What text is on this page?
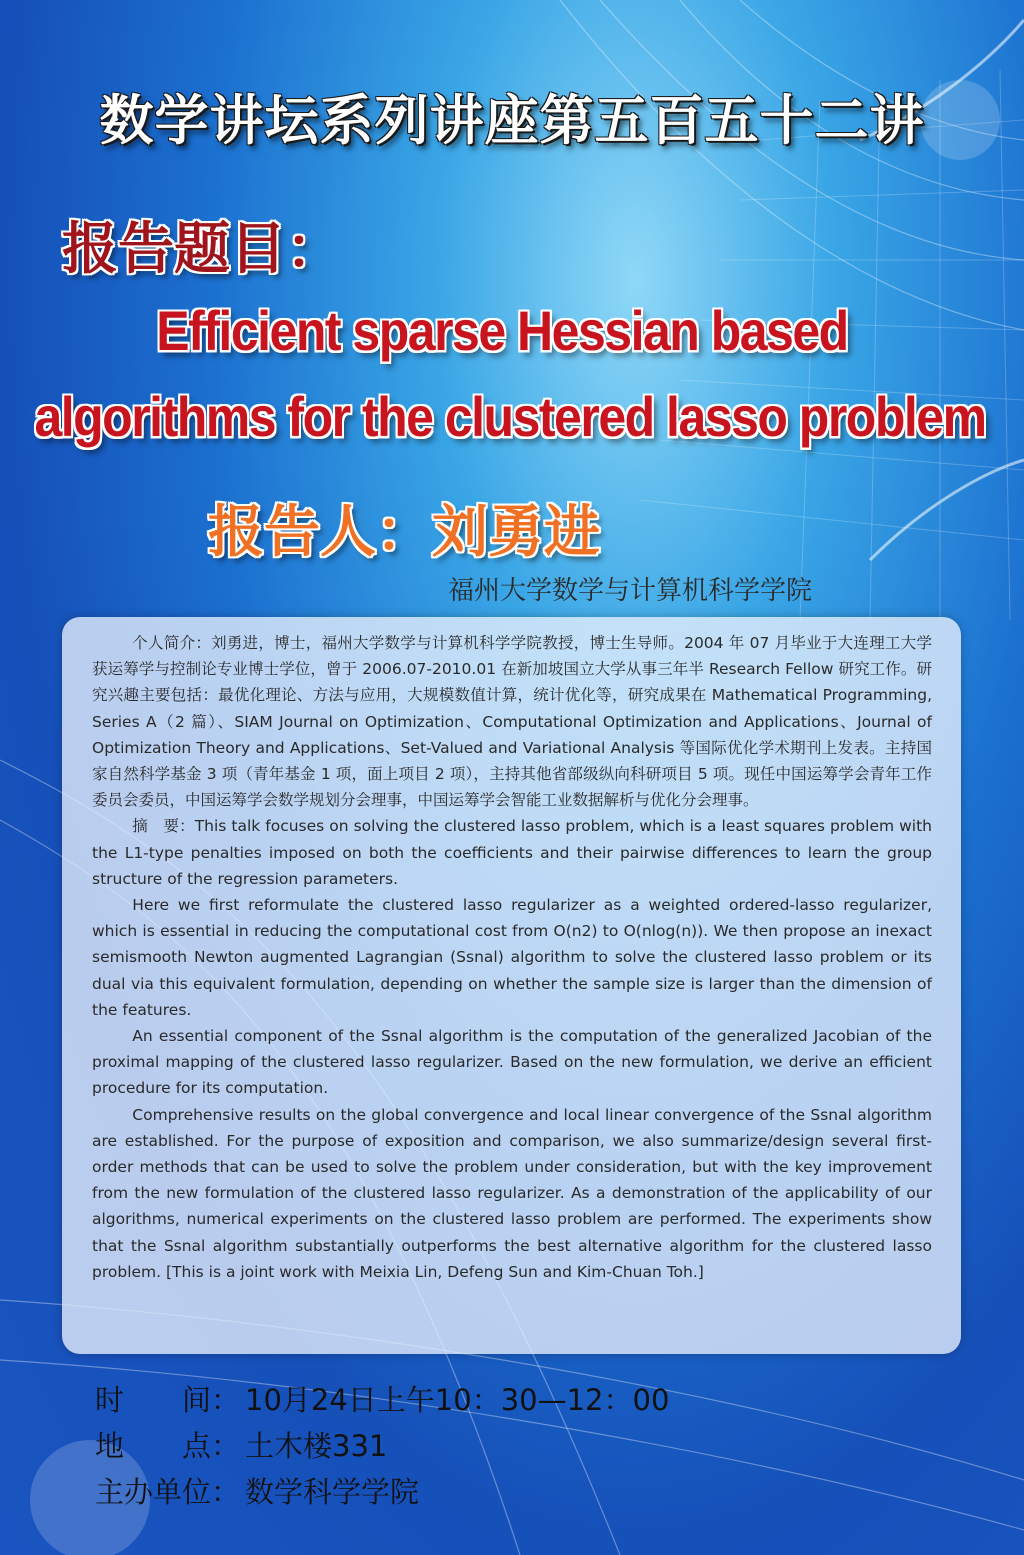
数学讲坛系列讲座第五百五十二讲
报告题目：
Efficient sparse Hessian based
algorithms for the clustered lasso problem
报告人：刘勇进
福州大学数学与计算机科学学院

个人简介：刘勇进，博士，福州大学数学与计算机科学学院教授，博士生导师。2004 年 07 月毕业于大连理工大学获运筹学与控制论专业博士学位，曾于 2006.07-2010.01 在新加坡国立大学从事三年半 Research Fellow 研究工作。研究兴趣主要包括：最优化理论、方法与应用，大规模数值计算，统计优化等，研究成果在 Mathematical Programming, Series A（2 篇）、SIAM Journal on Optimization、Computational Optimization and Applications、Journal of Optimization Theory and Applications、Set-Valued and Variational Analysis 等国际优化学术期刊上发表。主持国家自然科学基金 3 项（青年基金 1 项，面上项目 2 项），主持其他省部级纵向科研项目 5 项。现任中国运筹学会青年工作委员会委员，中国运筹学会数学规划分会理事，中国运筹学会智能工业数据解析与优化分会理事。

摘　要：This talk focuses on solving the clustered lasso problem, which is a least squares problem with the L1-type penalties imposed on both the coefficients and their pairwise differences to learn the group structure of the regression parameters.

Here we first reformulate the clustered lasso regularizer as a weighted ordered-lasso regularizer, which is essential in reducing the computational cost from O(n2) to O(nlog(n)). We then propose an inexact semismooth Newton augmented Lagrangian (Ssnal) algorithm to solve the clustered lasso problem or its dual via this equivalent formulation, depending on whether the sample size is larger than the dimension of the features.

An essential component of the Ssnal algorithm is the computation of the generalized Jacobian of the proximal mapping of the clustered lasso regularizer. Based on the new formulation, we derive an efficient procedure for its computation.

Comprehensive results on the global convergence and local linear convergence of the Ssnal algorithm are established. For the purpose of exposition and comparison, we also summarize/design several first-order methods that can be used to solve the problem under consideration, but with the key improvement from the new formulation of the clustered lasso regularizer. As a demonstration of the applicability of our algorithms, numerical experiments on the clustered lasso problem are performed. The experiments show that the Ssnal algorithm substantially outperforms the best alternative algorithm for the clustered lasso problem. [This is a joint work with Meixia Lin, Defeng Sun and Kim-Chuan Toh.]

时　　间： 10月24日上午10：30—12：00
地　　点： 土木楼331
主办单位： 数学科学学院
